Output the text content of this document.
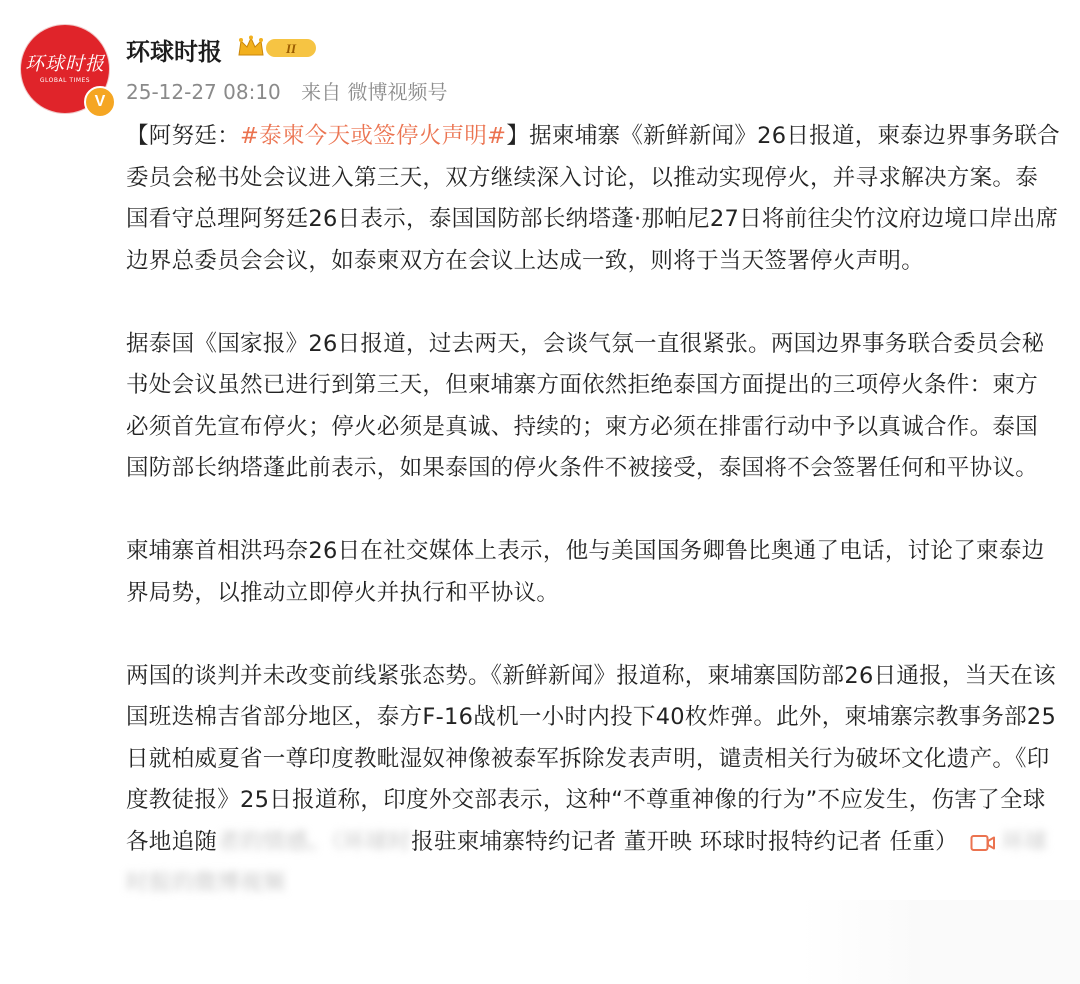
环球时报
GLOBAL TIMES
V
环球时报	II
25-12-27 08:10 来自 微博视频号

【阿努廷：#泰柬今天或签停火声明#】据柬埔寨《新鲜新闻》26日报道，柬泰边界事务联合委员会秘书处会议进入第三天，双方继续深入讨论，以推动实现停火，并寻求解决方案。泰国看守总理阿努廷26日表示，泰国国防部长纳塔蓬·那帕尼27日将前往尖竹汶府边境口岸出席边界总委员会会议，如泰柬双方在会议上达成一致，则将于当天签署停火声明。

据泰国《国家报》26日报道，过去两天，会谈气氛一直很紧张。两国边界事务联合委员会秘书处会议虽然已进行到第三天，但柬埔寨方面依然拒绝泰国方面提出的三项停火条件：柬方必须首先宣布停火；停火必须是真诚、持续的；柬方必须在排雷行动中予以真诚合作。泰国国防部长纳塔蓬此前表示，如果泰国的停火条件不被接受，泰国将不会签署任何和平协议。

柬埔寨首相洪玛奈26日在社交媒体上表示，他与美国国务卿鲁比奥通了电话，讨论了柬泰边界局势，以推动立即停火并执行和平协议。

两国的谈判并未改变前线紧张态势。《新鲜新闻》报道称，柬埔寨国防部26日通报，当天在该国班迭棉吉省部分地区，泰方F-16战机一小时内投下40枚炸弹。此外，柬埔寨宗教事务部25日就柏威夏省一尊印度教毗湿奴神像被泰军拆除发表声明，谴责相关行为破坏文化遗产。《印度教徒报》25日报道称，印度外交部表示，这种“不尊重神像的行为”不应发生，伤害了全球各地追随者的情感。（环球时报驻柬埔寨特约记者 董开映 环球时报特约记者 任重） 环球时报的微博视频
